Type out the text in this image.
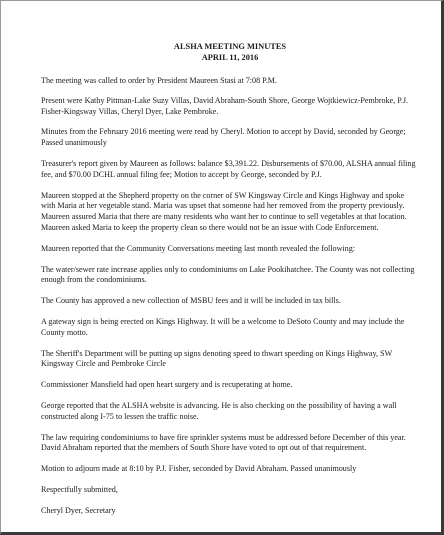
ALSHA MEETING MINUTES
APRIL 11, 2016

The meeting was called to order by President Maureen Stasi at 7:08 P.M.

Present were Kathy Pittman-Lake Suzy Villas, David Abraham-South Shore, George Wojtkiewicz-Pembroke, P.J. Fisher-Kingsway Villas, Cheryl Dyer, Lake Pembroke.

Minutes from the February 2016 meeting were read by Cheryl. Motion to accept by David, seconded by George; Passed unanimously

Treasurer's report given by Maureen as follows: balance $3,391.22. Disbursements of $70.00, ALSHA annual filing fee, and $70.00 DCHL annual filing fee; Motion to accept by George, seconded by P.J.

Maureen stopped at the Shepherd property on the corner of SW Kingsway Circle and Kings Highway and spoke with Maria at her vegetable stand. Maria was upset that someone had her removed from the property previously. Maureen assured Maria that there are many residents who want her to continue to sell vegetables at that location. Maureen asked Maria to keep the property clean so there would not be an issue with Code Enforcement.

Maureen reported that the Community Conversations meeting last month revealed the following:

The water/sewer rate increase applies only to condominiums on Lake Pookihatchee. The County was not collecting enough from the condominiums.

The County has approved a new collection of MSBU fees and it will be included in tax bills.

A gateway sign is being erected on Kings Highway. It will be a welcome to DeSoto County and may include the County motto.

The Sheriff's Department will be putting up signs denoting speed to thwart speeding on Kings Highway, SW Kingsway Circle and Pembroke Circle

Commissioner Mansfield had open heart surgery and is recuperating at home.

George reported that the ALSHA website is advancing. He is also checking on the possibility of having a wall constructed along I-75 to lessen the traffic noise.

The law requiring condominiums to have fire sprinkler systems must be addressed before December of this year. David Abraham reported that the members of South Shore have voted to opt out of that requirement.

Motion to adjourn made at 8:10 by P.J. Fisher, seconded by David Abraham. Passed unanimously

Respectfully submitted,

Cheryl Dyer, Secretary
